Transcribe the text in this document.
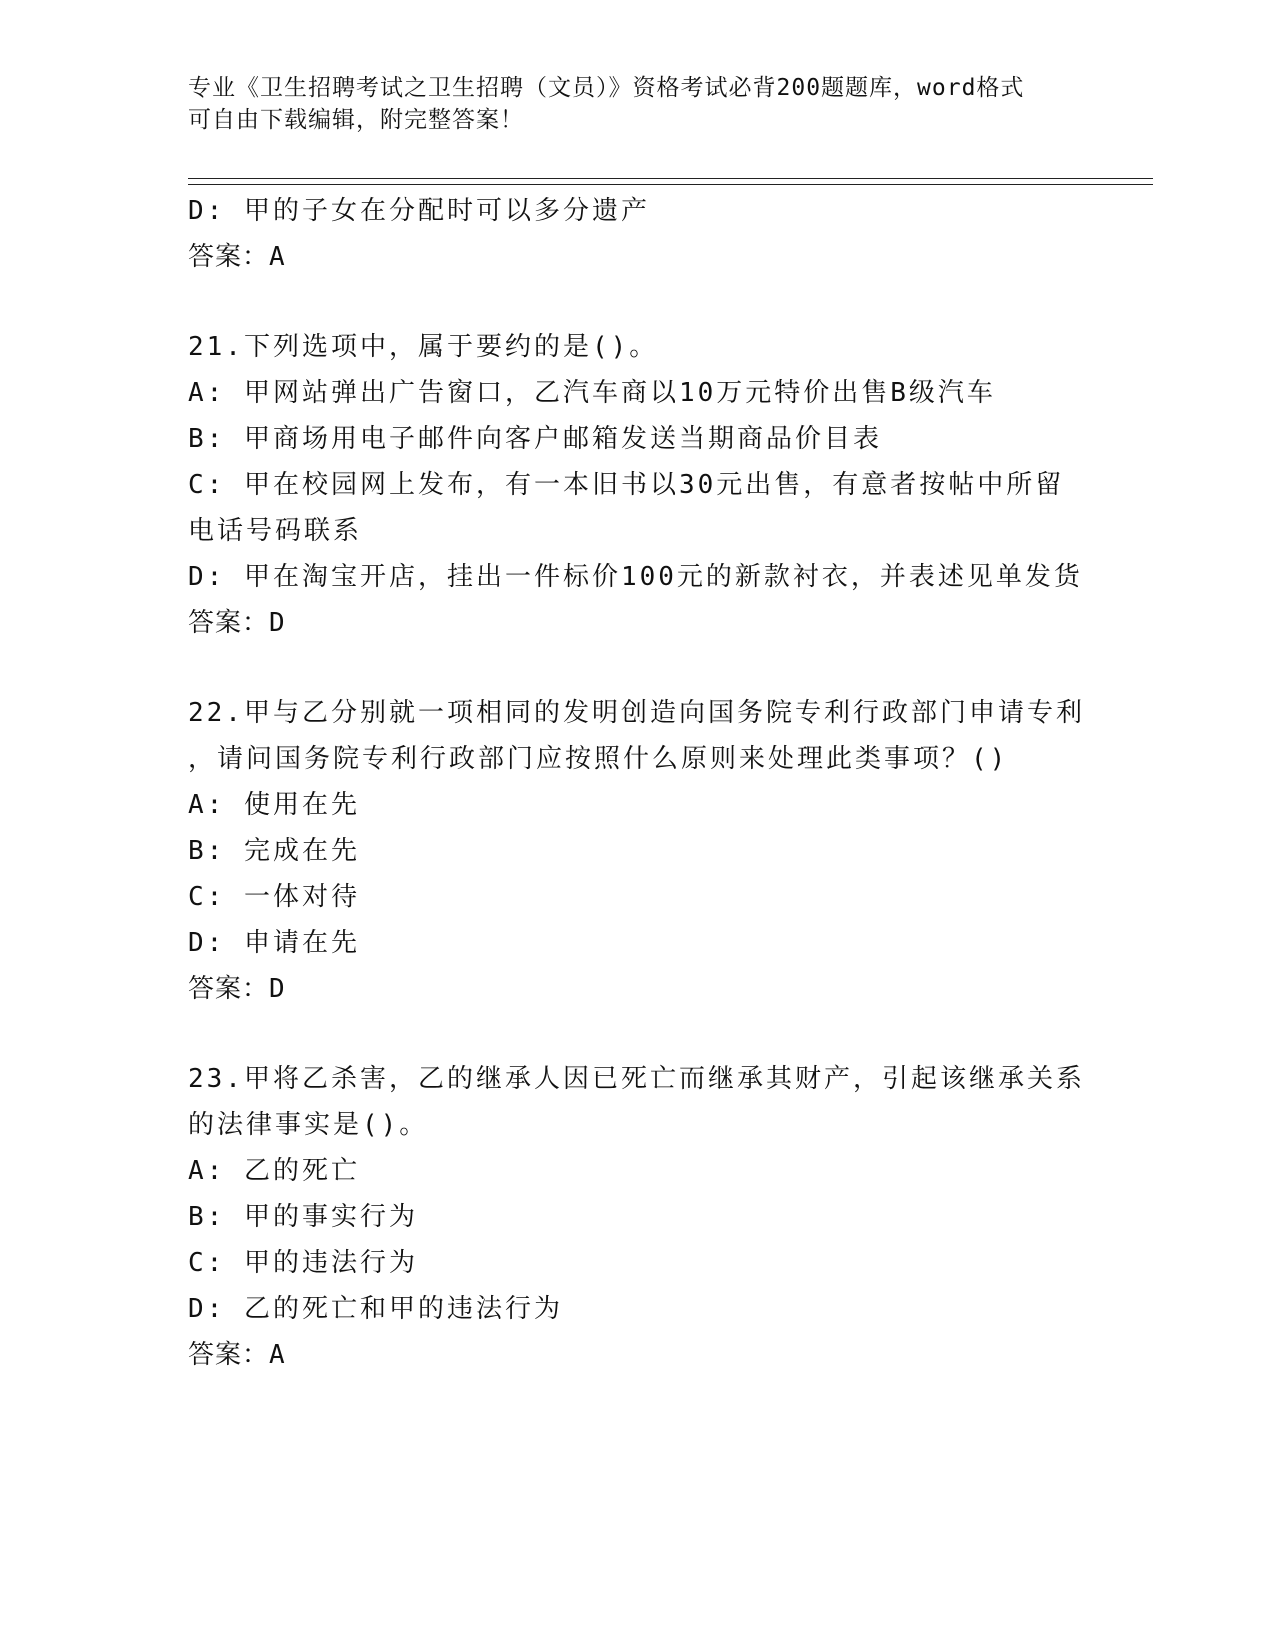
专业《卫生招聘考试之卫生招聘（文员）》资格考试必背200题题库，word格式
可自由下载编辑，附完整答案！
D: 甲的子女在分配时可以多分遗产
答案：A
21.下列选项中，属于要约的是()。
A: 甲网站弹出广告窗口，乙汽车商以10万元特价出售B级汽车
B: 甲商场用电子邮件向客户邮箱发送当期商品价目表
C: 甲在校园网上发布，有一本旧书以30元出售，有意者按帖中所留
电话号码联系
D: 甲在淘宝开店，挂出一件标价100元的新款衬衣，并表述见单发货
答案：D
22.甲与乙分别就一项相同的发明创造向国务院专利行政部门申请专利
，请问国务院专利行政部门应按照什么原则来处理此类事项？()
A: 使用在先
B: 完成在先
C: 一体对待
D: 申请在先
答案：D
23.甲将乙杀害，乙的继承人因已死亡而继承其财产，引起该继承关系
的法律事实是()。
A: 乙的死亡
B: 甲的事实行为
C: 甲的违法行为
D: 乙的死亡和甲的违法行为
答案：A
